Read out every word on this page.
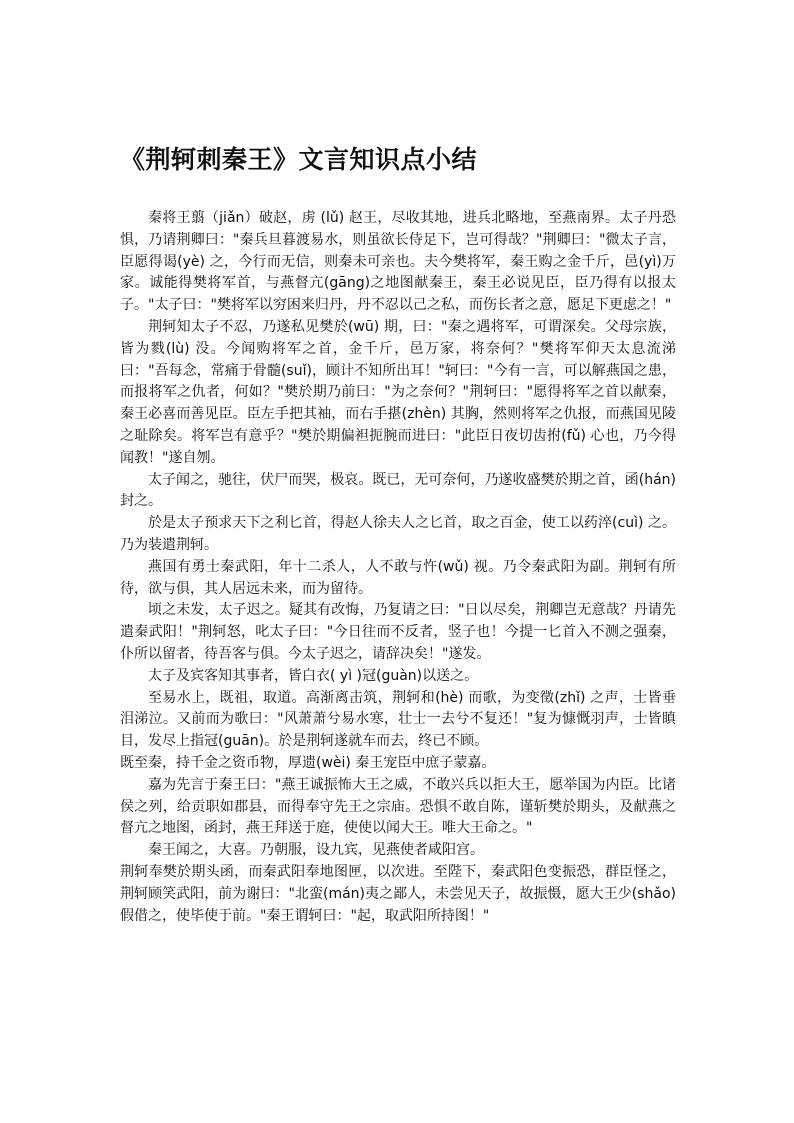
《荆轲刺秦王》文言知识点小结

秦将王翦（jiǎn）破赵，虏 (lǔ) 赵王，尽收其地，进兵北略地，至燕南界。太子丹恐惧，乃请荆卿曰："秦兵旦暮渡易水，则虽欲长侍足下，岂可得哉？"荆卿曰："微太子言，臣愿得谒(yè) 之，今行而无信，则秦未可亲也。夫今樊将军，秦王购之金千斤，邑(yì)万家。诚能得樊将军首，与燕督亢(gāng)之地图献秦王，秦王必说见臣，臣乃得有以报太子。"太子曰："樊将军以穷困来归丹，丹不忍以己之私，而伤长者之意，愿足下更虑之！"

荆轲知太子不忍，乃遂私见樊於(wū) 期，曰："秦之遇将军，可谓深矣。父母宗族，皆为戮(lù) 没。今闻购将军之首，金千斤，邑万家，将奈何？"樊将军仰天太息流涕曰："吾每念，常痛于骨髓(suǐ)，顾计不知所出耳！"轲曰："今有一言，可以解燕国之患，而报将军之仇者，何如？"樊於期乃前曰："为之奈何？"荆轲曰："愿得将军之首以献秦，秦王必喜而善见臣。臣左手把其袖，而右手揕(zhèn) 其胸，然则将军之仇报，而燕国见陵之耻除矣。将军岂有意乎？"樊於期偏袒扼腕而进曰："此臣日夜切齿拊(fǔ) 心也，乃今得闻教！"遂自刎。

太子闻之，驰往，伏尸而哭，极哀。既已，无可奈何，乃遂收盛樊於期之首，函(hán)封之。

於是太子预求天下之利匕首，得赵人徐夫人之匕首，取之百金，使工以药淬(cuì) 之。乃为装遣荆轲。

燕国有勇士秦武阳，年十二杀人，人不敢与忤(wǔ) 视。乃令秦武阳为副。荆轲有所待，欲与俱，其人居远未来，而为留待。

顷之未发，太子迟之。疑其有改悔，乃复请之曰："日以尽矣，荆卿岂无意哉？丹请先遣秦武阳！"荆轲怒，叱太子曰："今日往而不反者，竖子也！今提一匕首入不测之强秦，仆所以留者，待吾客与俱。今太子迟之，请辞决矣！"遂发。

太子及宾客知其事者，皆白衣( yì )冠(guàn)以送之。

至易水上，既祖，取道。高渐离击筑，荆轲和(hè) 而歌，为变徵(zhǐ) 之声，士皆垂泪涕泣。又前而为歌曰："风萧萧兮易水寒，壮士一去兮不复还！"复为慷慨羽声，士皆瞋目，发尽上指冠(guān)。於是荆轲遂就车而去，终已不顾。

既至秦，持千金之资币物，厚遗(wèi) 秦王宠臣中庶子蒙嘉。

嘉为先言于秦王曰："燕王诚振怖大王之威，不敢兴兵以拒大王，愿举国为内臣。比诸侯之列，给贡职如郡县，而得奉守先王之宗庙。恐惧不敢自陈，谨斩樊於期头，及献燕之督亢之地图，函封，燕王拜送于庭，使使以闻大王。唯大王命之。"

秦王闻之，大喜。乃朝服，设九宾，见燕使者咸阳宫。

荆轲奉樊於期头函，而秦武阳奉地图匣，以次进。至陛下，秦武阳色变振恐，群臣怪之，荆轲顾笑武阳，前为谢曰："北蛮(mán)夷之鄙人，未尝见天子，故振慑，愿大王少(shǎo)假借之，使毕使于前。"秦王谓轲曰："起，取武阳所持图！"
